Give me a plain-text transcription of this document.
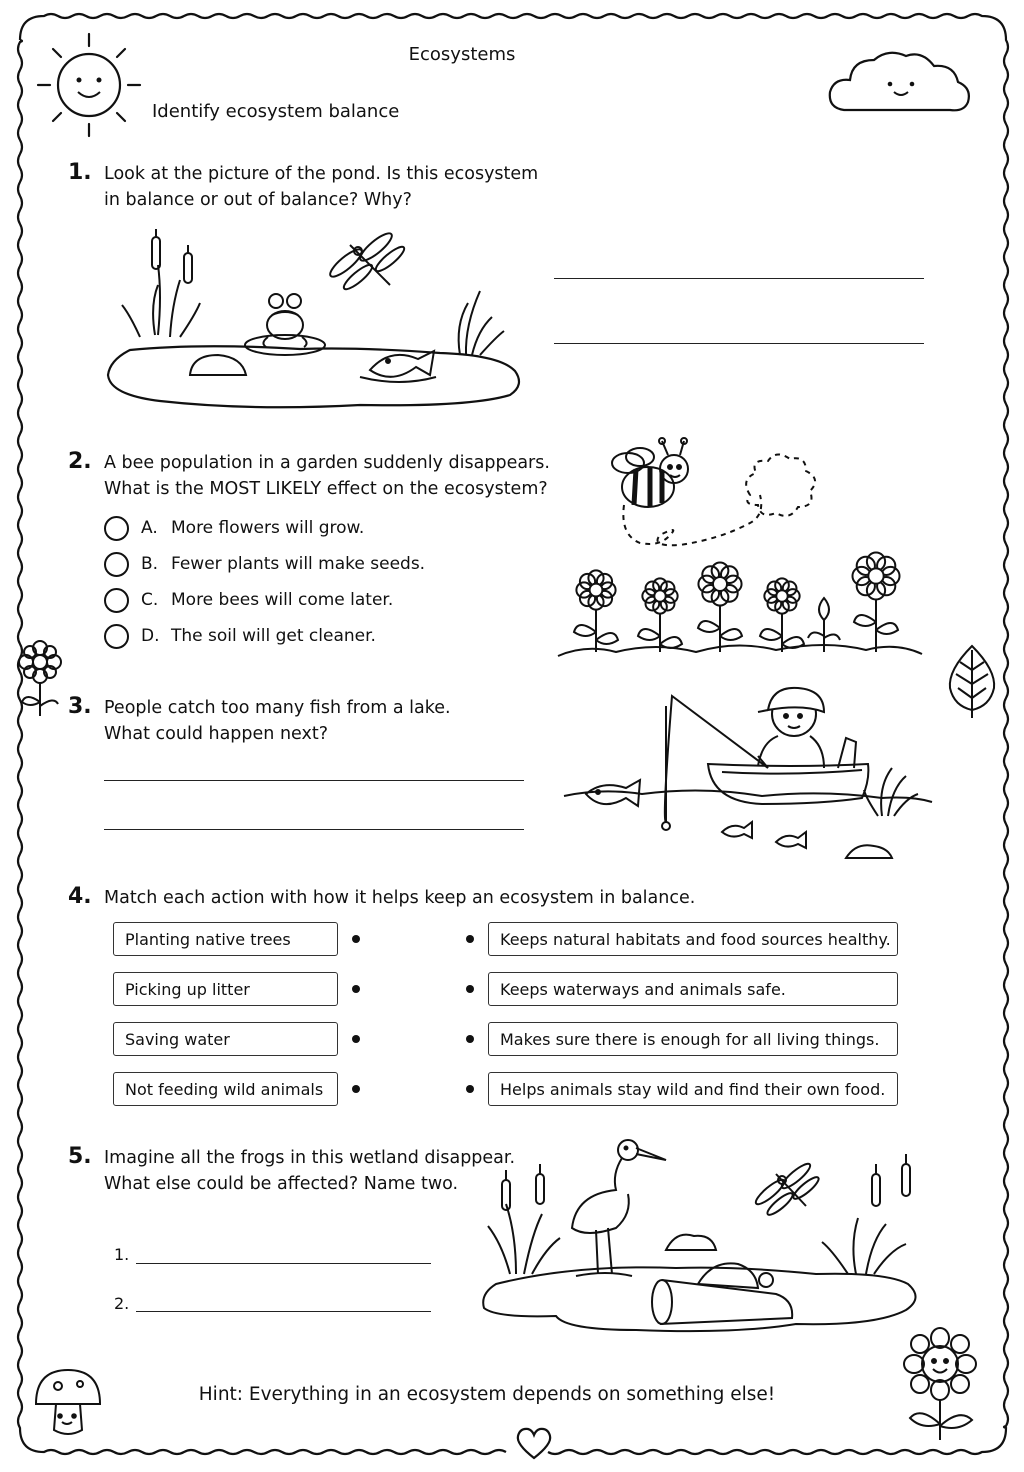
Ecosystems
Identify ecosystem balance
1. Look at the picture of the pond. Is this ecosystem
in balance or out of balance? Why?
2. A bee population in a garden suddenly disappears.
What is the MOST LIKELY effect on the ecosystem?
A. More flowers will grow.
B. Fewer plants will make seeds.
C. More bees will come later.
D. The soil will get cleaner.
3. People catch too many fish from a lake.
What could happen next?
4. Match each action with how it helps keep an ecosystem in balance.
Planting native trees
Picking up litter
Saving water
Not feeding wild animals
Keeps natural habitats and food sources healthy.
Keeps waterways and animals safe.
Makes sure there is enough for all living things.
Helps animals stay wild and find their own food.
5. Imagine all the frogs in this wetland disappear.
What else could be affected? Name two.
1.
2.
Hint: Everything in an ecosystem depends on something else!
